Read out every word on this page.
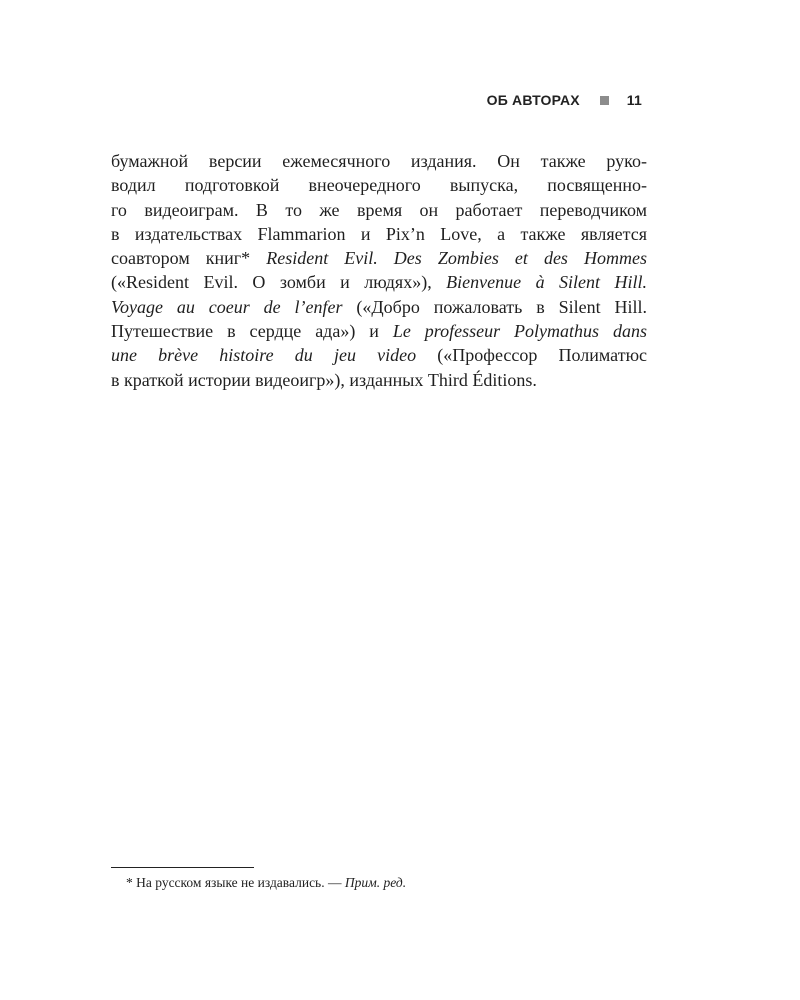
ОБ АВТОРАХ	11
бумажной версии ежемесячного издания. Он также руко-
водил подготовкой внеочередного выпуска, посвященно-
го видеоиграм. В то же время он работает переводчиком
в издательствах Flammarion и Pix’n Love, а также является
соавтором книг* Resident Evil. Des Zombies et des Hommes
(«Resident Evil. О зомби и людях»), Bienvenue à Silent Hill.
Voyage au coeur de l’enfer («Добро пожаловать в Silent Hill.
Путешествие в сердце ада») и Le professeur Polymathus dans
une brève histoire du jeu video («Профессор Полиматюс
в краткой истории видеоигр»), изданных Third Éditions.
* На русском языке не издавались. — Прим. ред.
